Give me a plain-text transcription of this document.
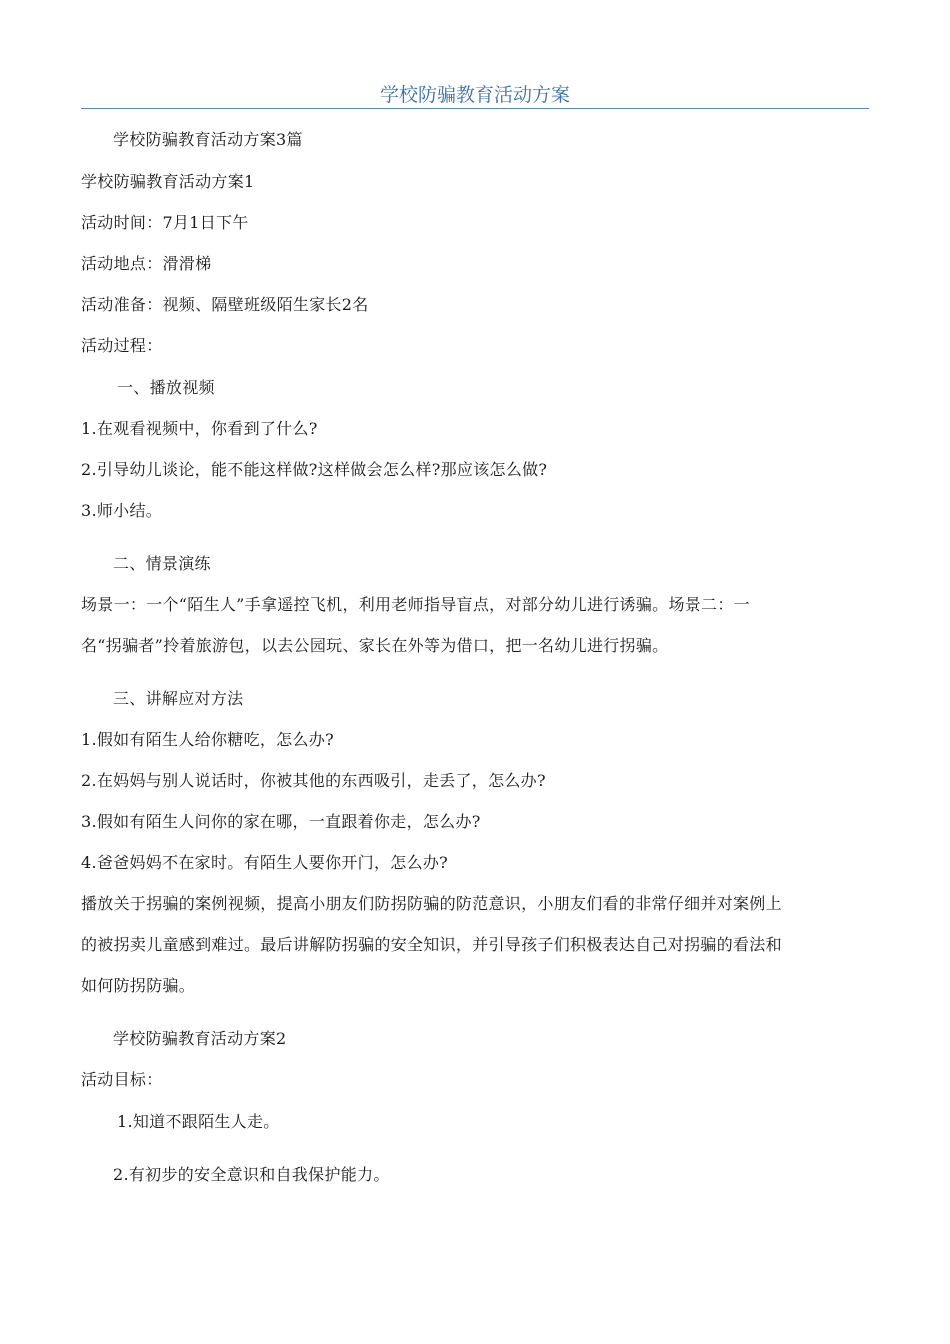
学校防骗教育活动方案
学校防骗教育活动方案3篇
学校防骗教育活动方案1
活动时间：7月1日下午
活动地点：滑滑梯
活动准备：视频、隔壁班级陌生家长2名
活动过程：
一、播放视频
1.在观看视频中，你看到了什么?
2.引导幼儿谈论，能不能这样做?这样做会怎么样?那应该怎么做?
3.师小结。
二、情景演练
场景一：一个“陌生人”手拿遥控飞机，利用老师指导盲点，对部分幼儿进行诱骗。场景二：一
名“拐骗者”拎着旅游包，以去公园玩、家长在外等为借口，把一名幼儿进行拐骗。
三、讲解应对方法
1.假如有陌生人给你糖吃，怎么办?
2.在妈妈与别人说话时，你被其他的东西吸引，走丢了，怎么办?
3.假如有陌生人问你的家在哪，一直跟着你走，怎么办?
4.爸爸妈妈不在家时。有陌生人要你开门，怎么办?
播放关于拐骗的案例视频，提高小朋友们防拐防骗的防范意识，小朋友们看的非常仔细并对案例上
的被拐卖儿童感到难过。最后讲解防拐骗的安全知识，并引导孩子们积极表达自己对拐骗的看法和
如何防拐防骗。
学校防骗教育活动方案2
活动目标：
1.知道不跟陌生人走。
2.有初步的安全意识和自我保护能力。
